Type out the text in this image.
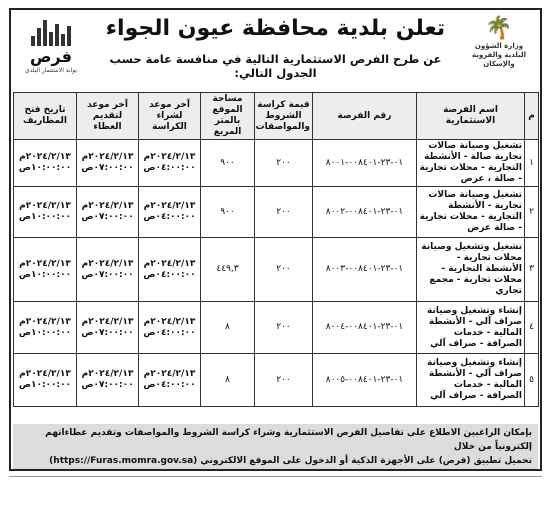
فرص
بوابة الاستثمار البلدي
تعلن بلدية محافظة عيون الجواء
عن طرح الفرص الاستثمارية التالية في منافسة عامة حسب الجدول التالي:
🌴
وزارة الشؤون البلدية والقروية والإسكان
م	اسم الفرصة الاستثمارية	رقم الفرصة	قيمة كراسة الشروط والمواصفات	مساحة الموقع بالمتر المربع	آخر موعد لشراء الكراسة	آخر موعد لتقديم العطاء	تاريخ فتح المظاريف
١	تشغيل وصيانة صالات تجارية صالة - الأنشطة التجارية - محلات تجارية - صالة ، عرض	٠١-٢٣-٠٠٨٤٠١-٨٠٠١	٢٠٠	٩٠٠	٢٠٢٤/٢/١٣م ٠٤:٠٠:٠٠ص	٢٠٢٤/٢/١٣م ٠٧:٠٠:٠٠ص	٢٠٢٤/٢/١٣م ١٠:٠٠:٠٠ص
٢	تشغيل وصيانة صالات تجارية - الأنشطة التجارية - محلات تجارية - صالة عرض	٠١-٢٣-٠٠٨٤٠١-٨٠٠٢	٢٠٠	٩٠٠	٢٠٢٤/٢/١٣م ٠٤:٠٠:٠٠ص	٢٠٢٤/٢/١٣م ٠٧:٠٠:٠٠ص	٢٠٢٤/٢/١٣م ١٠:٠٠:٠٠ص
٣	تشغيل وتشغيل وصيانة محلات تجارية - الأنشطة التجارية - محلات تجارية - مجمع تجاري	٠١-٢٣-٠٠٨٤٠١-٨٠٠٣	٢٠٠	٤٤٩,٣	٢٠٢٤/٢/١٣م ٠٤:٠٠:٠٠ص	٢٠٢٤/٢/١٣م ٠٧:٠٠:٠٠ص	٢٠٢٤/٢/١٣م ١٠:٠٠:٠٠ص
٤	إنشاء وتشغيل وصيانة صراف آلي - الأنشطة المالية - خدمات الصرافة - صراف آلي	٠١-٢٣-٠٠٨٤٠١-٨٠٠٤	٢٠٠	٨	٢٠٢٤/٢/١٣م ٠٤:٠٠:٠٠ص	٢٠٢٤/٢/١٣م ٠٧:٠٠:٠٠ص	٢٠٢٤/٢/١٣م ١٠:٠٠:٠٠ص
٥	إنشاء وتشغيل وصيانة صراف آلي - الأنشطة المالية - خدمات الصرافة - صراف آلي	٠١-٢٣-٠٠٨٤٠١-٨٠٠٥	٢٠٠	٨	٢٠٢٤/٢/١٣م ٠٤:٠٠:٠٠ص	٢٠٢٤/٢/١٣م ٠٧:٠٠:٠٠ص	٢٠٢٤/٢/١٣م ١٠:٠٠:٠٠ص
بإمكان الراغبين الاطلاع على تفاصيل الفرص الاستثمارية وشراء كراسة الشروط والمواصفات وتقديم عطاءاتهم إلكترونياً من خلال
تحميل تطبيق (فرص) على الأجهزة الذكية أو الدخول على الموقع الالكتروني (https://Furas.momra.gov.sa)
